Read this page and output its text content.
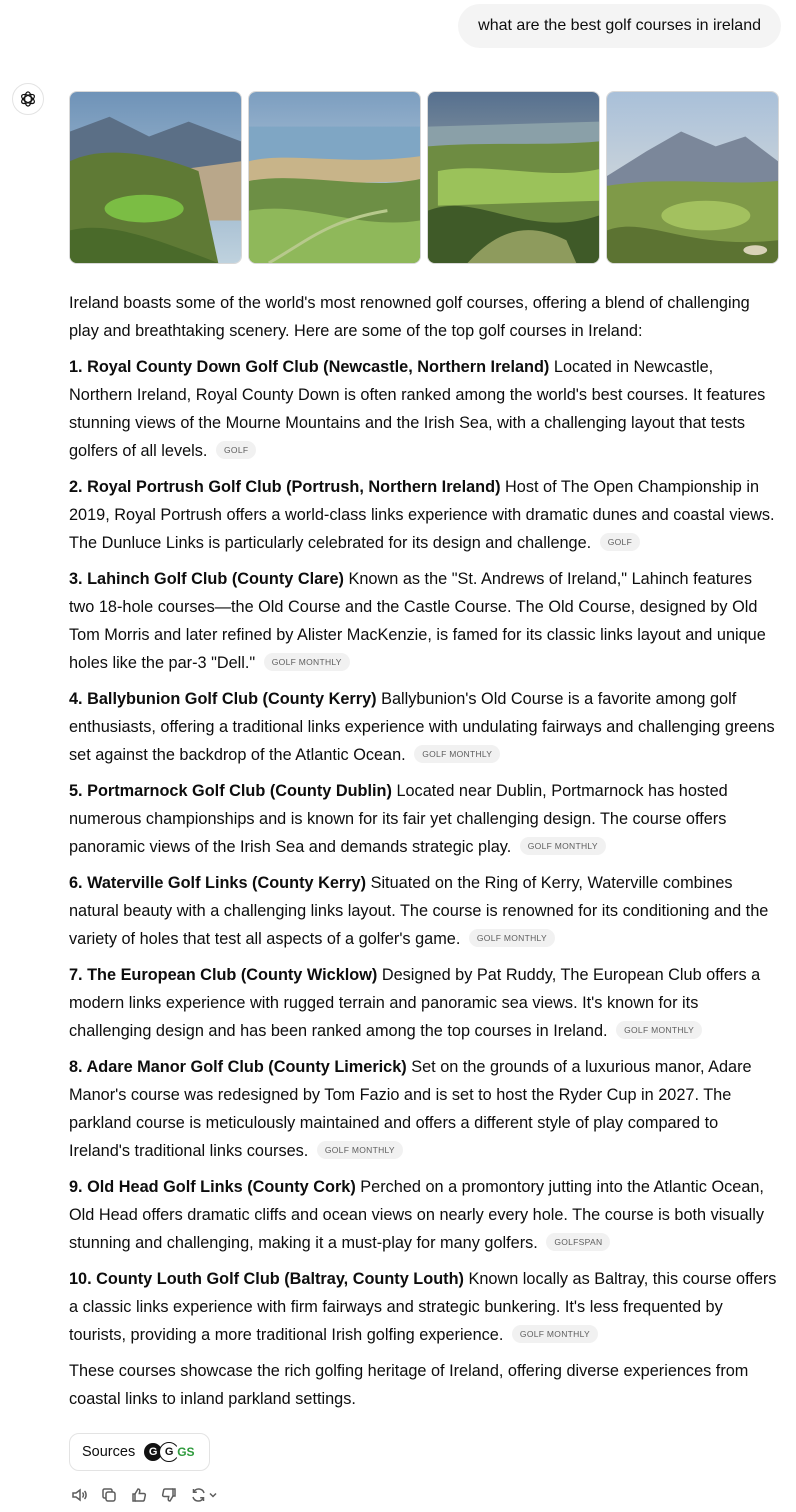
what are the best golf courses in ireland

Ireland boasts some of the world's most renowned golf courses, offering a blend of challenging play and breathtaking scenery. Here are some of the top golf courses in Ireland:

1. Royal County Down Golf Club (Newcastle, Northern Ireland) Located in Newcastle, Northern Ireland, Royal County Down is often ranked among the world's best courses. It features stunning views of the Mourne Mountains and the Irish Sea, with a challenging layout that tests golfers of all levels. GOLF

2. Royal Portrush Golf Club (Portrush, Northern Ireland) Host of The Open Championship in 2019, Royal Portrush offers a world-class links experience with dramatic dunes and coastal views. The Dunluce Links is particularly celebrated for its design and challenge. GOLF

3. Lahinch Golf Club (County Clare) Known as the "St. Andrews of Ireland," Lahinch features two 18-hole courses—the Old Course and the Castle Course. The Old Course, designed by Old Tom Morris and later refined by Alister MacKenzie, is famed for its classic links layout and unique holes like the par-3 "Dell." GOLF MONTHLY

4. Ballybunion Golf Club (County Kerry) Ballybunion's Old Course is a favorite among golf enthusiasts, offering a traditional links experience with undulating fairways and challenging greens set against the backdrop of the Atlantic Ocean. GOLF MONTHLY

5. Portmarnock Golf Club (County Dublin) Located near Dublin, Portmarnock has hosted numerous championships and is known for its fair yet challenging design. The course offers panoramic views of the Irish Sea and demands strategic play. GOLF MONTHLY

6. Waterville Golf Links (County Kerry) Situated on the Ring of Kerry, Waterville combines natural beauty with a challenging links layout. The course is renowned for its conditioning and the variety of holes that test all aspects of a golfer's game. GOLF MONTHLY

7. The European Club (County Wicklow) Designed by Pat Ruddy, The European Club offers a modern links experience with rugged terrain and panoramic sea views. It's known for its challenging design and has been ranked among the top courses in Ireland. GOLF MONTHLY

8. Adare Manor Golf Club (County Limerick) Set on the grounds of a luxurious manor, Adare Manor's course was redesigned by Tom Fazio and is set to host the Ryder Cup in 2027. The parkland course is meticulously maintained and offers a different style of play compared to Ireland's traditional links courses. GOLF MONTHLY

9. Old Head Golf Links (County Cork) Perched on a promontory jutting into the Atlantic Ocean, Old Head offers dramatic cliffs and ocean views on nearly every hole. The course is both visually stunning and challenging, making it a must-play for many golfers. GOLFSPAN

10. County Louth Golf Club (Baltray, County Louth) Known locally as Baltray, this course offers a classic links experience with firm fairways and strategic bunkering. It's less frequented by tourists, providing a more traditional Irish golfing experience. GOLF MONTHLY

These courses showcase the rich golfing heritage of Ireland, offering diverse experiences from coastal links to inland parkland settings.

Sources	G G GS
